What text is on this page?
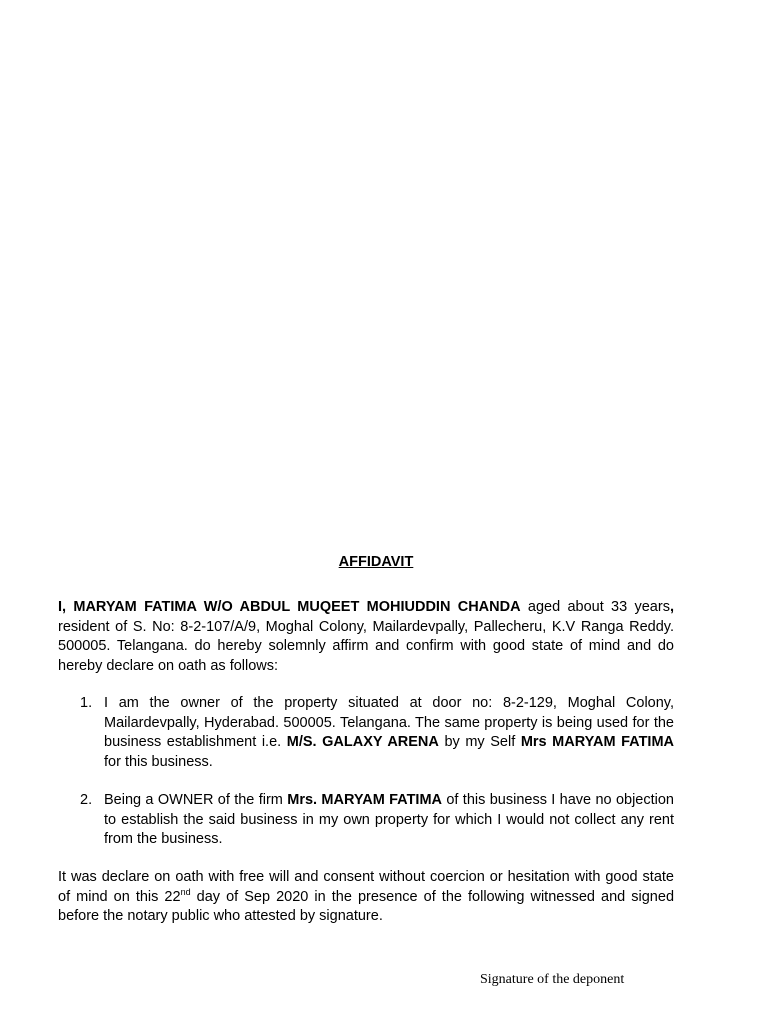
AFFIDAVIT

I, MARYAM FATIMA W/O ABDUL MUQEET MOHIUDDIN CHANDA aged about 33 years, resident of S. No: 8-2-107/A/9, Moghal Colony, Mailardevpally, Pallecheru, K.V Ranga Reddy. 500005. Telangana. do hereby solemnly affirm and confirm with good state of mind and do hereby declare on oath as follows:

1. I am the owner of the property situated at door no: 8-2-129, Moghal Colony, Mailardevpally, Hyderabad. 500005. Telangana. The same property is being used for the business establishment i.e. M/S. GALAXY ARENA by my Self Mrs MARYAM FATIMA for this business.
2. Being a OWNER of the firm Mrs. MARYAM FATIMA of this business I have no objection to establish the said business in my own property for which I would not collect any rent from the business.

It was declare on oath with free will and consent without coercion or hesitation with good state of mind on this 22nd day of Sep 2020 in the presence of the following witnessed and signed before the notary public who attested by signature.

Signature of the deponent
